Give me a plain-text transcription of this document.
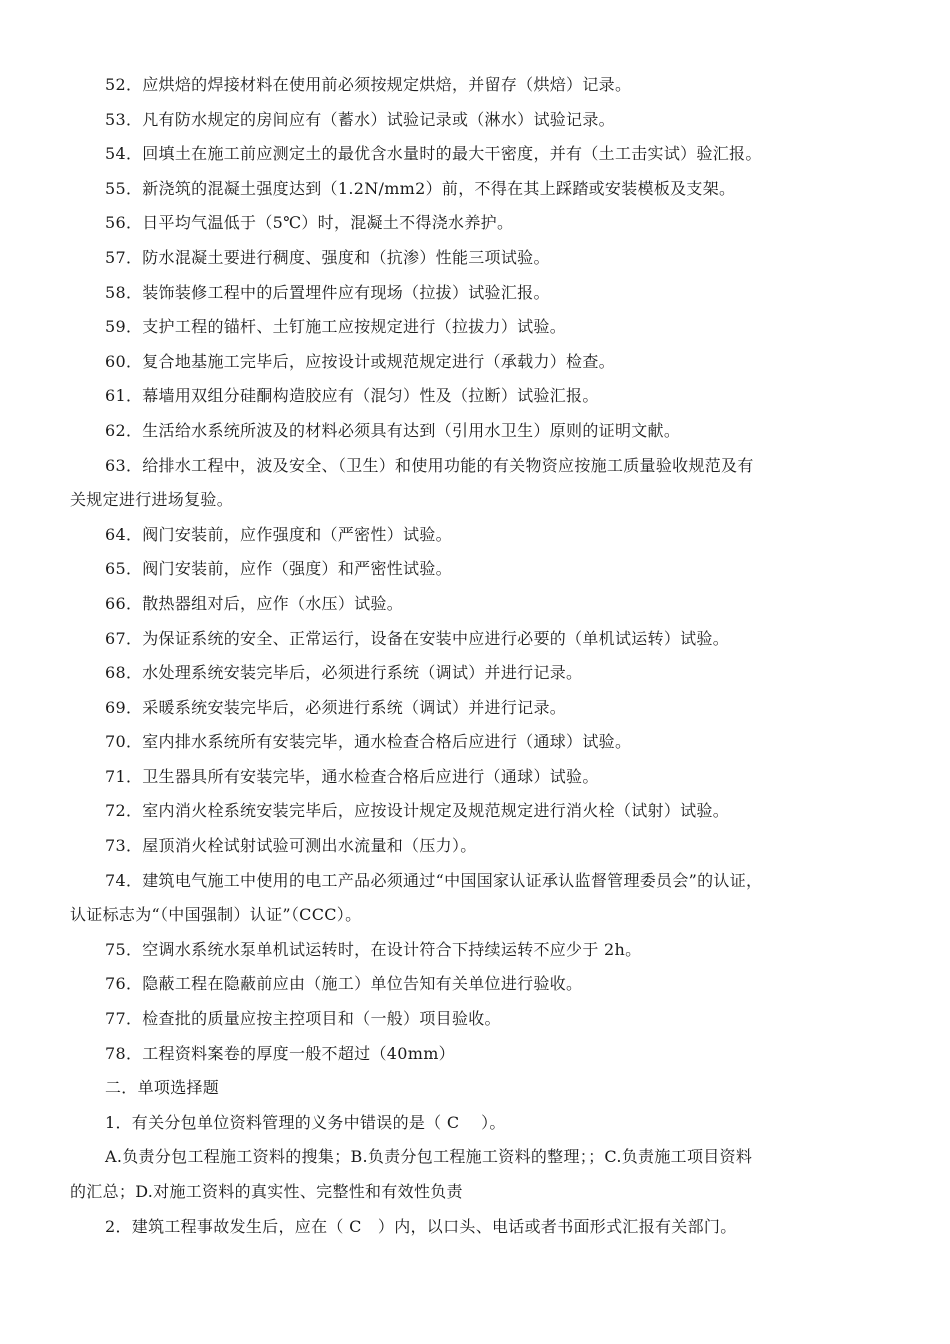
52．应烘焙的焊接材料在使用前必须按规定烘焙，并留存（烘焙）记录。
53．凡有防水规定的房间应有（蓄水）试验记录或（淋水）试验记录。
54．回填土在施工前应测定土的最优含水量时的最大干密度，并有（土工击实试）验汇报。
55．新浇筑的混凝土强度达到（1.2N/mm2）前，不得在其上踩踏或安装模板及支架。
56．日平均气温低于（5℃）时，混凝土不得浇水养护。
57．防水混凝土要进行稠度、强度和（抗渗）性能三项试验。
58．装饰装修工程中的后置埋件应有现场（拉拔）试验汇报。
59．支护工程的锚杆、土钉施工应按规定进行（拉拔力）试验。
60．复合地基施工完毕后，应按设计或规范规定进行（承载力）检查。
61．幕墙用双组分硅酮构造胶应有（混匀）性及（拉断）试验汇报。
62．生活给水系统所波及的材料必须具有达到（引用水卫生）原则的证明文献。
63．给排水工程中，波及安全、（卫生）和使用功能的有关物资应按施工质量验收规范及有
关规定进行进场复验。
64．阀门安装前，应作强度和（严密性）试验。
65．阀门安装前，应作（强度）和严密性试验。
66．散热器组对后，应作（水压）试验。
67．为保证系统的安全、正常运行，设备在安装中应进行必要的（单机试运转）试验。
68．水处理系统安装完毕后，必须进行系统（调试）并进行记录。
69．采暖系统安装完毕后，必须进行系统（调试）并进行记录。
70．室内排水系统所有安装完毕，通水检查合格后应进行（通球）试验。
71．卫生器具所有安装完毕，通水检查合格后应进行（通球）试验。
72．室内消火栓系统安装完毕后，应按设计规定及规范规定进行消火栓（试射）试验。
73．屋顶消火栓试射试验可测出水流量和（压力）。
74．建筑电气施工中使用的电工产品必须通过“中国国家认证承认监督管理委员会”的认证，
认证标志为“（中国强制）认证”（CCC）。
75．空调水系统水泵单机试运转时，在设计符合下持续运转不应少于 2h。
76．隐蔽工程在隐蔽前应由（施工）单位告知有关单位进行验收。
77．检查批的质量应按主控项目和（一般）项目验收。
78．工程资料案卷的厚度一般不超过（40mm）
二．单项选择题
1．有关分包单位资料管理的义务中错误的是（ C　 ）。
A.负责分包工程施工资料的搜集；B.负责分包工程施工资料的整理；；C.负责施工项目资料
的汇总；D.对施工资料的真实性、完整性和有效性负责
2．建筑工程事故发生后，应在（ C　）内，以口头、电话或者书面形式汇报有关部门。
